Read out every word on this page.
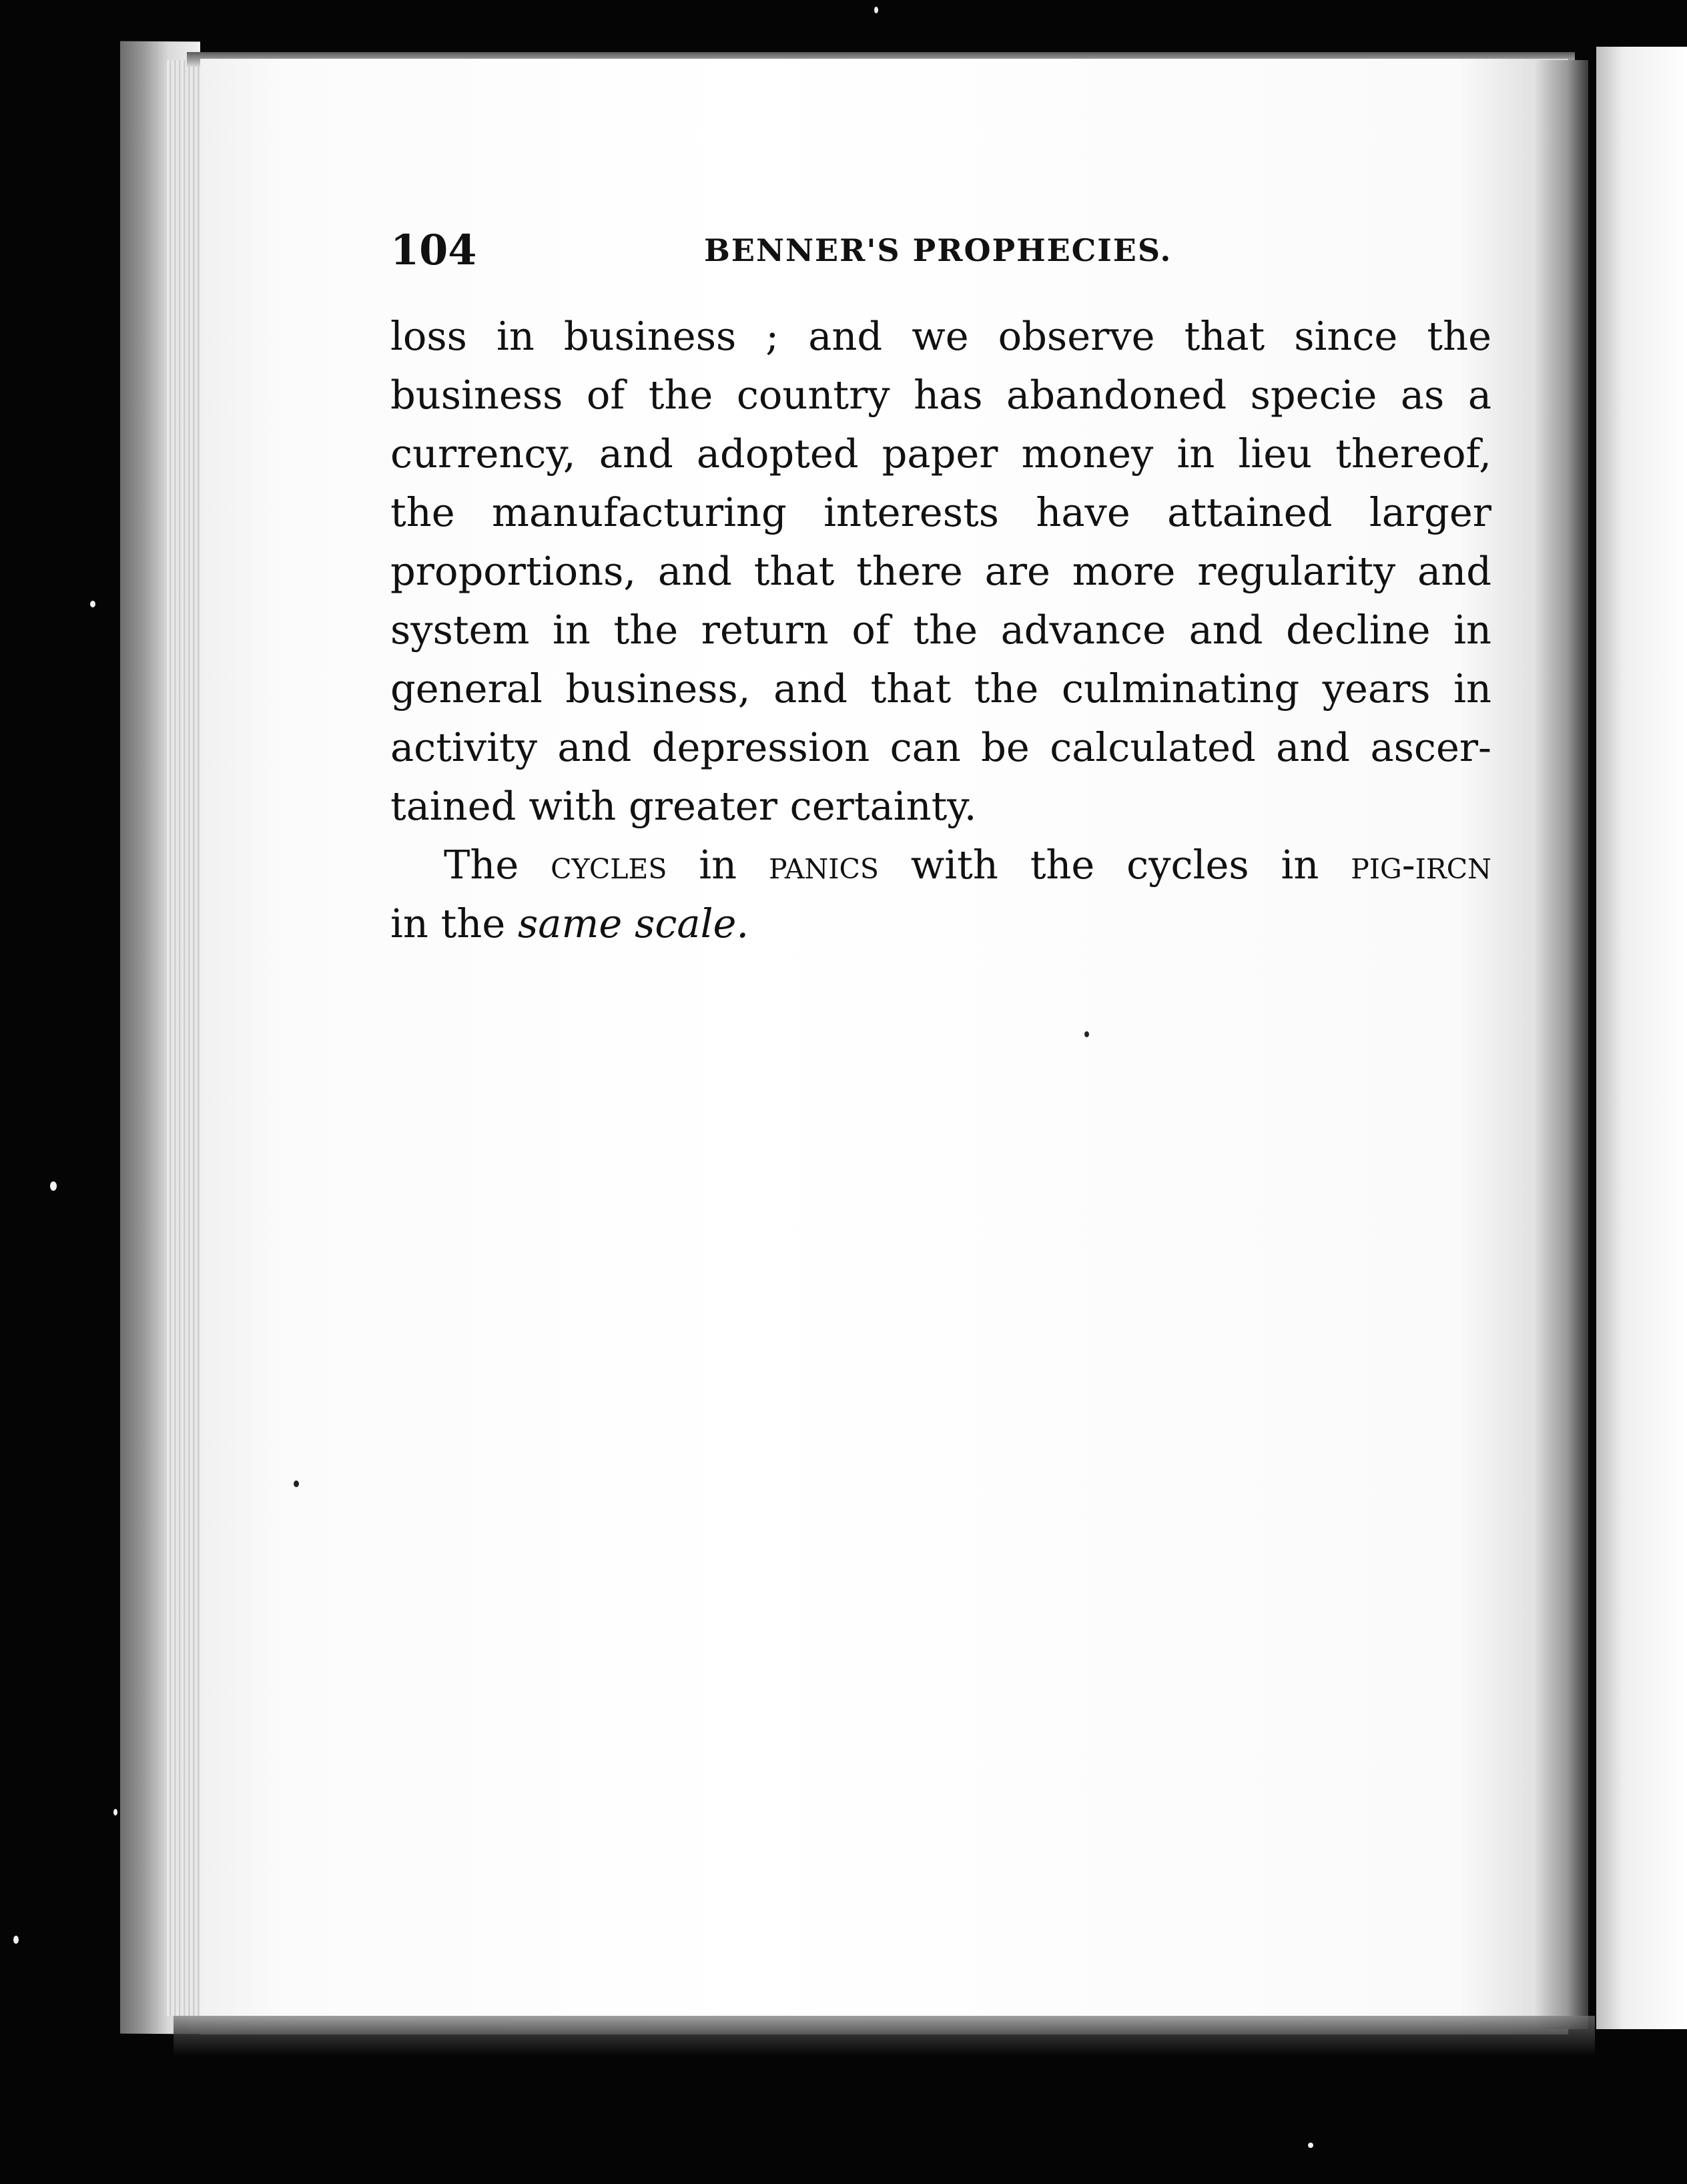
104	BENNER'S PROPHECIES.
loss in business ; and we observe that since the
business of the country has abandoned specie as a
currency, and adopted paper money in lieu thereof,
the manufacturing interests have attained larger
proportions, and that there are more regularity and
system in the return of the advance and decline in
general business, and that the culminating years in
activity and depression can be calculated and ascer-
tained with greater certainty.
The cycles in panics with the cycles in pig-ircn
in the same scale.
